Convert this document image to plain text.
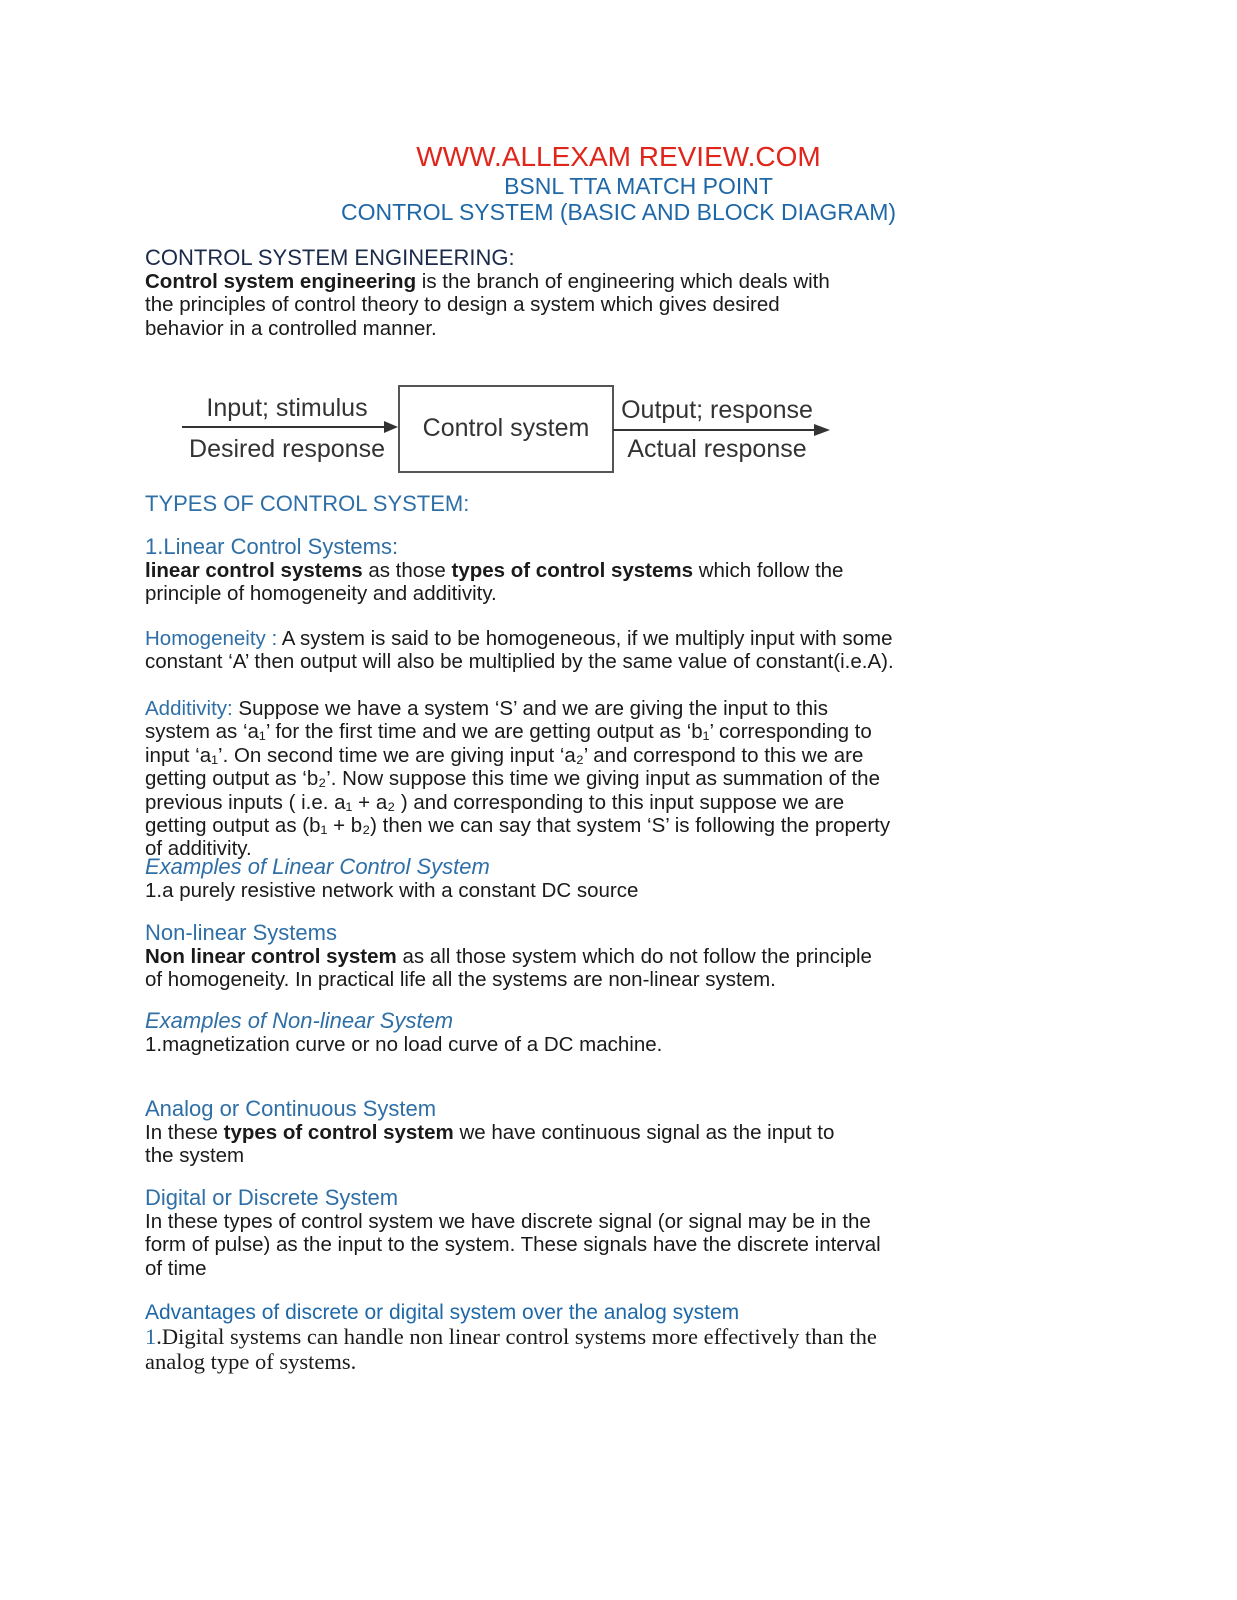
WWW.ALLEXAM REVIEW.COM
BSNL TTA MATCH POINT
CONTROL SYSTEM (BASIC AND BLOCK DIAGRAM)
CONTROL SYSTEM ENGINEERING:

Control system engineering is the branch of engineering which deals with the principles of control theory to design a system which gives desired behavior in a controlled manner.

Input; stimulus
Desired response
Control system
Output; response
Actual response
TYPES OF CONTROL SYSTEM:
1.Linear Control Systems:

linear control systems as those types of control systems which follow the principle of homogeneity and additivity.

Homogeneity : A system is said to be homogeneous, if we multiply input with some constant ‘A’ then output will also be multiplied by the same value of constant(i.e.A).

Additivity: Suppose we have a system ‘S’ and we are giving the input to this system as ‘a₁’ for the first time and we are getting output as ‘b₁’ corresponding to input ‘a₁’. On second time we are giving input ‘a₂’ and correspond to this we are getting output as ‘b₂’. Now suppose this time we giving input as summation of the previous inputs ( i.e. a₁ + a₂ ) and corresponding to this input suppose we are getting output as (b₁ + b₂) then we can say that system ‘S’ is following the property of additivity.

Examples of Linear Control System

1.a purely resistive network with a constant DC source

Non-linear Systems

Non linear control system as all those system which do not follow the principle of homogeneity. In practical life all the systems are non-linear system.

Examples of Non-linear System

1.magnetization curve or no load curve of a DC machine.

Analog or Continuous System

In these types of control system we have continuous signal as the input to the system

Digital or Discrete System

In these types of control system we have discrete signal (or signal may be in the form of pulse) as the input to the system. These signals have the discrete interval of time

Advantages of discrete or digital system over the analog system

1.Digital systems can handle non linear control systems more effectively than the analog type of systems.
